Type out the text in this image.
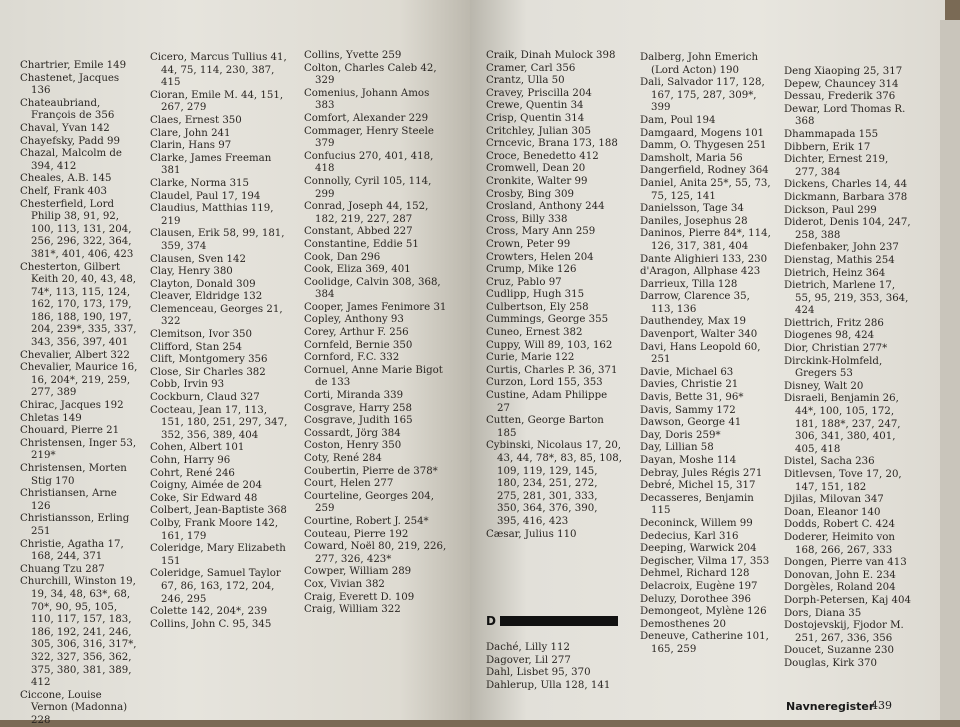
Chartrier, Emile 149

Chastenet, Jacques 136

Chateaubriand, François de 356

Chaval, Yvan 142

Chayefsky, Padd 99

Chazal, Malcolm de 394, 412

Cheales, A.B. 145

Chelf, Frank 403

Chesterfield, Lord Philip 38, 91, 92, 100, 113, 131, 204, 256, 296, 322, 364, 381*, 401, 406, 423

Chesterton, Gilbert Keith 20, 40, 43, 48, 74*, 113, 115, 124, 162, 170, 173, 179, 186, 188, 190, 197, 204, 239*, 335, 337, 343, 356, 397, 401

Chevalier, Albert 322

Chevalier, Maurice 16, 16, 204*, 219, 259, 277, 389

Chirac, Jacques 192

Chletas 149

Chouard, Pierre 21

Christensen, Inger 53, 219*

Christensen, Morten Stig 170

Christiansen, Arne 126

Christiansson, Erling 251

Christie, Agatha 17, 168, 244, 371

Chuang Tzu 287

Churchill, Winston 19, 19, 34, 48, 63*, 68, 70*, 90, 95, 105, 110, 117, 157, 183, 186, 192, 241, 246, 305, 306, 316, 317*, 322, 327, 356, 362, 375, 380, 381, 389, 412

Ciccone, Louise Vernon (Madonna) 228

Cicero, Marcus Tullius 41, 44, 75, 114, 230, 387, 415

Cioran, Emile M. 44, 151, 267, 279

Claes, Ernest 350

Clare, John 241

Clarin, Hans 97

Clarke, James Freeman 381

Clarke, Norma 315

Claudel, Paul 17, 194

Claudius, Matthias 119, 219

Clausen, Erik 58, 99, 181, 359, 374

Clausen, Sven 142

Clay, Henry 380

Clayton, Donald 309

Cleaver, Eldridge 132

Clemenceau, Georges 21, 322

Clemitson, Ivor 350

Clifford, Stan 254

Clift, Montgomery 356

Close, Sir Charles 382

Cobb, Irvin 93

Cockburn, Claud 327

Cocteau, Jean 17, 113, 151, 180, 251, 297, 347, 352, 356, 389, 404

Cohen, Albert 101

Cohn, Harry 96

Cohrt, René 246

Coigny, Aimée de 204

Coke, Sir Edward 48

Colbert, Jean-Baptiste 368

Colby, Frank Moore 142, 161, 179

Coleridge, Mary Elizabeth 151

Coleridge, Samuel Taylor 67, 86, 163, 172, 204, 246, 295

Colette 142, 204*, 239

Collins, John C. 95, 345

Collins, Yvette 259

Colton, Charles Caleb 42, 329

Comenius, Johann Amos 383

Comfort, Alexander 229

Commager, Henry Steele 379

Confucius 270, 401, 418, 418

Connolly, Cyril 105, 114, 299

Conrad, Joseph 44, 152, 182, 219, 227, 287

Constant, Abbed 227

Constantine, Eddie 51

Cook, Dan 296

Cook, Eliza 369, 401

Coolidge, Calvin 308, 368, 384

Cooper, James Fenimore 31

Copley, Anthony 93

Corey, Arthur F. 256

Cornfeld, Bernie 350

Cornford, F.C. 332

Cornuel, Anne Marie Bigot de 133

Corti, Miranda 339

Cosgrave, Harry 258

Cosgrave, Judith 165

Cossardt, Jörg 384

Coston, Henry 350

Coty, René 284

Coubertin, Pierre de 378*

Court, Helen 277

Courteline, Georges 204, 259

Courtine, Robert J. 254*

Couteau, Pierre 192

Coward, Noël 80, 219, 226, 277, 326, 423*

Cowper, William 289

Cox, Vivian 382

Craig, Everett D. 109

Craig, William 322

Craik, Dinah Mulock 398

Cramer, Carl 356

Crantz, Ulla 50

Cravey, Priscilla 204

Crewe, Quentin 34

Crisp, Quentin 314

Critchley, Julian 305

Crncevic, Brana 173, 188

Croce, Benedetto 412

Cromwell, Dean 20

Cronkite, Walter 99

Crosby, Bing 309

Crosland, Anthony 244

Cross, Billy 338

Cross, Mary Ann 259

Crown, Peter 99

Crowters, Helen 204

Crump, Mike 126

Cruz, Pablo 97

Cudlipp, Hugh 315

Culbertson, Ely 258

Cummings, George 355

Cuneo, Ernest 382

Cuppy, Will 89, 103, 162

Curie, Marie 122

Curtis, Charles P. 36, 371

Curzon, Lord 155, 353

Custine, Adam Philippe 27

Cutten, George Barton 185

Cybinski, Nicolaus 17, 20, 43, 44, 78*, 83, 85, 108, 109, 119, 129, 145, 180, 234, 251, 272, 275, 281, 301, 333, 350, 364, 376, 390, 395, 416, 423

Cæsar, Julius 110

Daché, Lilly 112

Dagover, Lil 277

Dahl, Lisbet 95, 370

Dahlerup, Ulla 128, 141

Dalberg, John Emerich (Lord Acton) 190

Dali, Salvador 117, 128, 167, 175, 287, 309*, 399

Dam, Poul 194

Damgaard, Mogens 101

Damm, O. Thygesen 251

Damsholt, Maria 56

Dangerfield, Rodney 364

Daniel, Anita 25*, 55, 73, 75, 125, 141

Danielsson, Tage 34

Daniles, Josephus 28

Daninos, Pierre 84*, 114, 126, 317, 381, 404

Dante Alighieri 133, 230

d'Aragon, Allphase 423

Darrieux, Tilla 128

Darrow, Clarence 35, 113, 136

Dauthendey, Max 19

Davenport, Walter 340

Davi, Hans Leopold 60, 251

Davie, Michael 63

Davies, Christie 21

Davis, Bette 31, 96*

Davis, Sammy 172

Dawson, George 41

Day, Doris 259*

Day, Lillian 58

Dayan, Moshe 114

Debray, Jules Régis 271

Debré, Michel 15, 317

Decasseres, Benjamin 115

Deconinck, Willem 99

Dedecius, Karl 316

Deeping, Warwick 204

Degischer, Vilma 17, 353

Dehmel, Richard 128

Delacroix, Eugène 197

Deluzy, Dorothee 396

Demongeot, Mylène 126

Demosthenes 20

Deneuve, Catherine 101, 165, 259

Deng Xiaoping 25, 317

Depew, Chauncey 314

Dessau, Frederik 376

Dewar, Lord Thomas R. 368

Dhammapada 155

Dibbern, Erik 17

Dichter, Ernest 219, 277, 384

Dickens, Charles 14, 44

Dickmann, Barbara 378

Dickson, Paul 299

Diderot, Denis 104, 247, 258, 388

Diefenbaker, John 237

Dienstag, Mathis 254

Dietrich, Heinz 364

Dietrich, Marlene 17, 55, 95, 219, 353, 364, 424

Diettrich, Fritz 286

Diogenes 98, 424

Dior, Christian 277*

Dirckink-Holmfeld, Gregers 53

Disney, Walt 20

Disraeli, Benjamin 26, 44*, 100, 105, 172, 181, 188*, 237, 247, 306, 341, 380, 401, 405, 418

Distel, Sacha 236

Ditlevsen, Tove 17, 20, 147, 151, 182

Djilas, Milovan 347

Doan, Eleanor 140

Dodds, Robert C. 424

Doderer, Heimito von 168, 266, 267, 333

Dongen, Pierre van 413

Donovan, John E. 234

Dorgèles, Roland 204

Dorph-Petersen, Kaj 404

Dors, Diana 35

Dostojevskij, Fjodor M. 251, 267, 336, 356

Doucet, Suzanne 230

Douglas, Kirk 370

D
Navneregister
439
